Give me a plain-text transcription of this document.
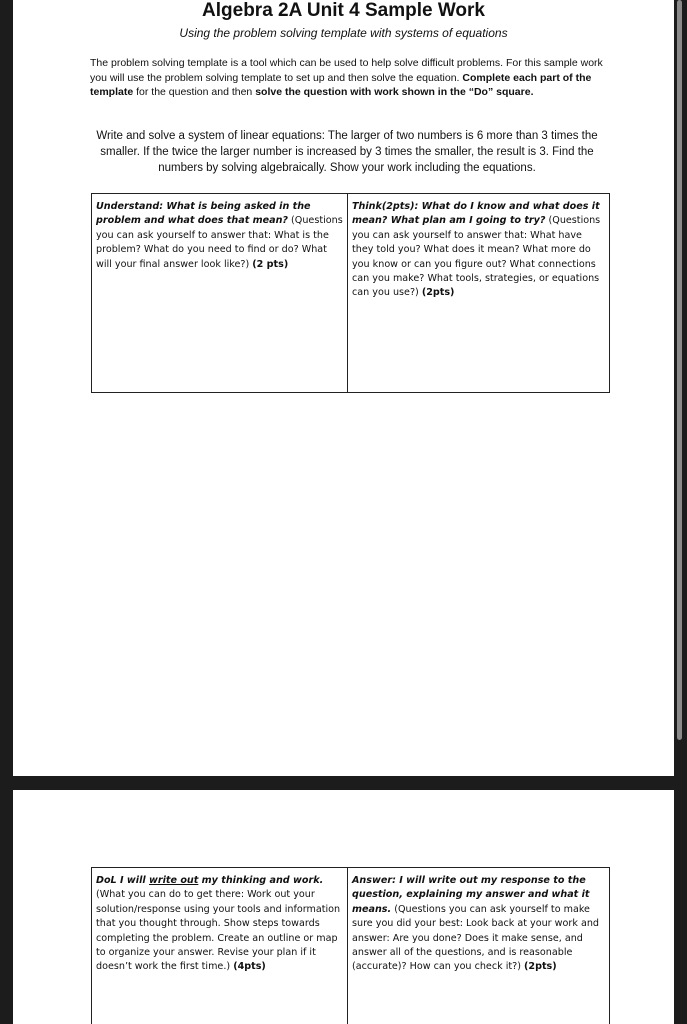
Algebra 2A Unit 4 Sample Work
Using the problem solving template with systems of equations
The problem solving template is a tool which can be used to help solve difficult problems. For this sample work you will use the problem solving template to set up and then solve the equation. Complete each part of the template for the question and then solve the question with work shown in the “Do” square.
Write and solve a system of linear equations: The larger of two numbers is 6 more than 3 times the smaller. If the twice the larger number is increased by 3 times the smaller, the result is 3. Find the numbers by solving algebraically. Show your work including the equations.
Understand: What is being asked in the problem and what does that mean? (Questions you can ask yourself to answer that: What is the problem? What do you need to find or do? What will your final answer look like?) (2 pts)
Think(2pts): What do I know and what does it mean? What plan am I going to try? (Questions you can ask yourself to answer that: What have they told you? What does it mean? What more do you know or can you figure out? What connections can you make? What tools, strategies, or equations can you use?) (2pts)
DoL I will write out my thinking and work. (What you can do to get there: Work out your solution/response using your tools and information that you thought through. Show steps towards completing the problem. Create an outline or map to organize your answer. Revise your plan if it doesn’t work the first time.) (4pts)
Answer: I will write out my response to the question, explaining my answer and what it means. (Questions you can ask yourself to make sure you did your best: Look back at your work and answer: Are you done? Does it make sense, and answer all of the questions, and is reasonable (accurate)? How can you check it?) (2pts)
